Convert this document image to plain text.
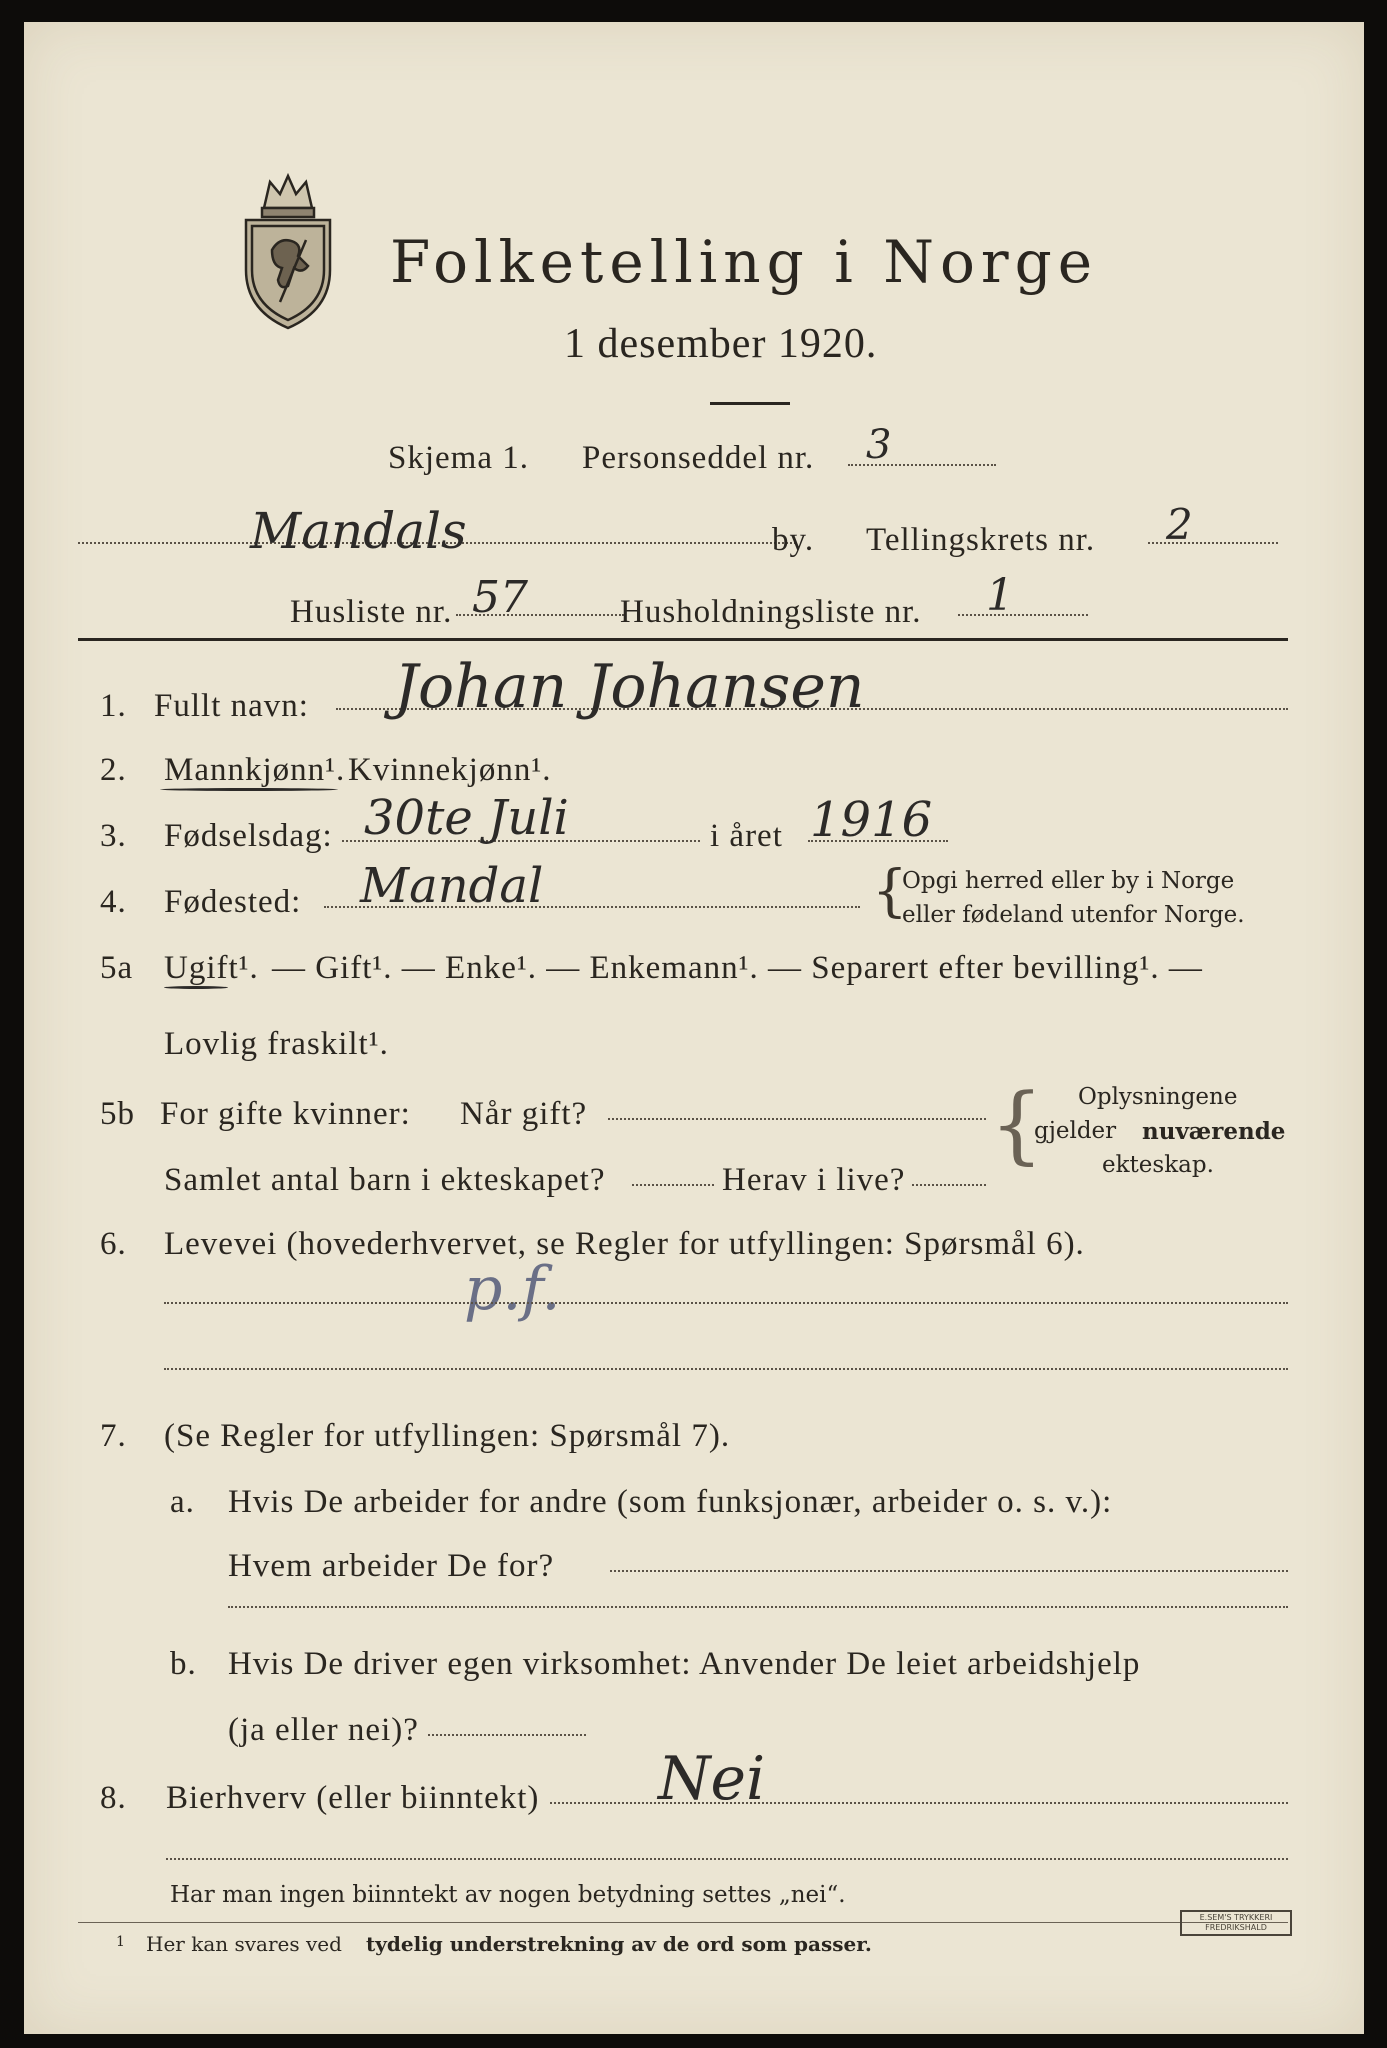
Folketelling i Norge
1 desember 1920.
Skjema 1. Personseddel nr. 3
Mandals	by. Tellingskrets nr. 2
Husliste nr. 57	Husholdningsliste nr. 1
1. Fullt navn: Johan Johansen
2. Mannkjønn¹. Kvinnekjønn¹.
3. Fødselsdag: 30te Juli	i året 1916
4. Fødested: Mandal	{
Opgi herred eller by i Norge
eller fødeland utenfor Norge.
5a Ugift¹. — Gift¹. — Enke¹. — Enkemann¹. — Separert efter bevilling¹. —
Lovlig fraskilt¹.
5b For gifte kvinner: Når gift?
Samlet antal barn i ekteskapet?	Herav i live?
{ Oplysningene
gjelder nuværende
ekteskap.
6. Levevei (hovederhvervet, se Regler for utfyllingen: Spørsmål 6).
p.f.
7. (Se Regler for utfyllingen: Spørsmål 7).
a. Hvis De arbeider for andre (som funksjonær, arbeider o. s. v.):
Hvem arbeider De for?
b. Hvis De driver egen virksomhet: Anvender De leiet arbeidshjelp
(ja eller nei)?
8. Bierhverv (eller biinntekt) Nei
Har man ingen biinntekt av nogen betydning settes „nei“.
1 Her kan svares ved tydelig understrekning av de ord som passer.
E.SEM'S TRYKKERI FREDRIKSHALD
